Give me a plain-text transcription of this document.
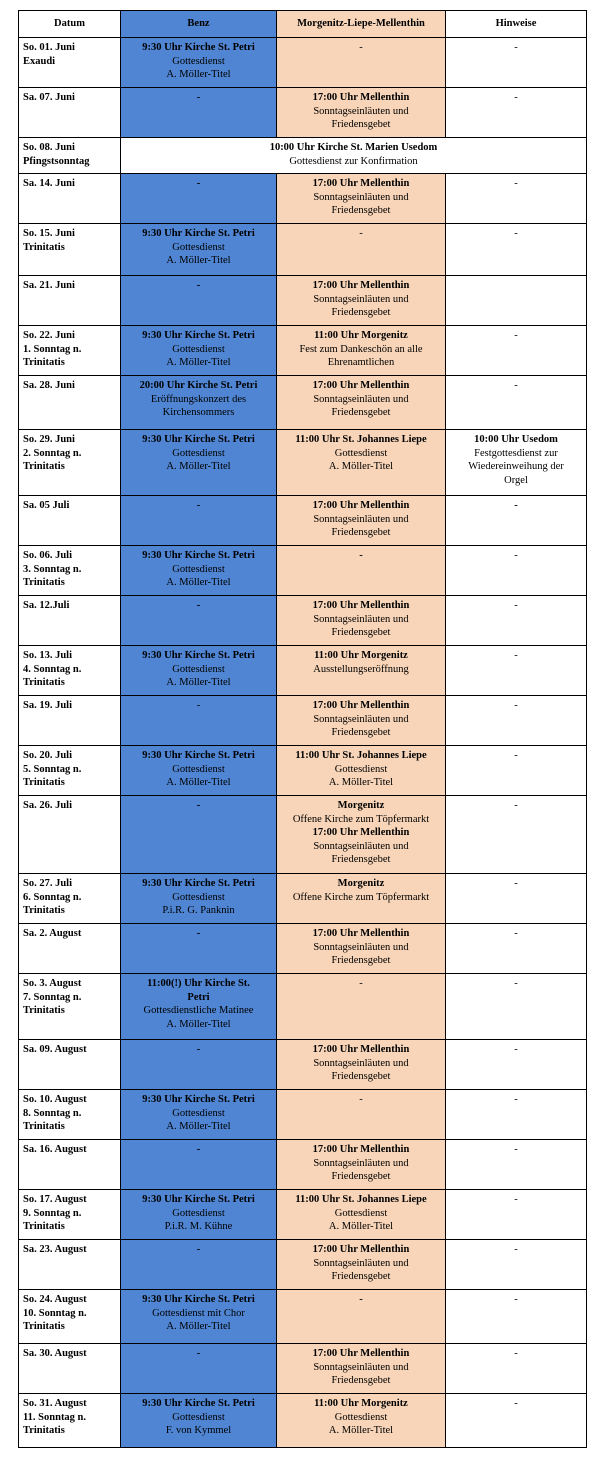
Datum	Benz	Morgenitz-Liepe-Mellenthin	Hinweise

So. 01. Juni
Exaudi	9:30 Uhr Kirche St. Petri
Gottesdienst
A. Möller-Titel	-	-

Sa. 07. Juni	-	17:00 Uhr Mellenthin
Sonntagseinläuten und
Friedensgebet	-

So. 08. Juni
Pfingstsonntag	10:00 Uhr Kirche St. Marien Usedom
Gottesdienst zur Konfirmation		

Sa. 14. Juni	-	17:00 Uhr Mellenthin
Sonntagseinläuten und
Friedensgebet	-

So. 15. Juni
Trinitatis	9:30 Uhr Kirche St. Petri
Gottesdienst
A. Möller-Titel	-	-

Sa. 21. Juni	-	17:00 Uhr Mellenthin
Sonntagseinläuten und
Friedensgebet	

So. 22. Juni
1. Sonntag n.
Trinitatis	9:30 Uhr Kirche St. Petri
Gottesdienst
A. Möller-Titel	11:00 Uhr Morgenitz
Fest zum Dankeschön an alle
Ehrenamtlichen	-

Sa. 28. Juni	20:00 Uhr Kirche St. Petri
Eröffnungskonzert des
Kirchensommers	17:00 Uhr Mellenthin
Sonntagseinläuten und
Friedensgebet	-

So. 29. Juni
2. Sonntag n.
Trinitatis	9:30 Uhr Kirche St. Petri
Gottesdienst
A. Möller-Titel	11:00 Uhr St. Johannes Liepe
Gottesdienst
A. Möller-Titel	10:00 Uhr Usedom
Festgottesdienst zur
Wiedereinweihung der
Orgel

Sa. 05 Juli	-	17:00 Uhr Mellenthin
Sonntagseinläuten und
Friedensgebet	-

So. 06. Juli
3. Sonntag n.
Trinitatis	9:30 Uhr Kirche St. Petri
Gottesdienst
A. Möller-Titel	-	-

Sa. 12.Juli	-	17:00 Uhr Mellenthin
Sonntagseinläuten und
Friedensgebet	-

So. 13. Juli
4. Sonntag n.
Trinitatis	9:30 Uhr Kirche St. Petri
Gottesdienst
A. Möller-Titel	11:00 Uhr Morgenitz
Ausstellungseröffnung	-

Sa. 19. Juli	-	17:00 Uhr Mellenthin
Sonntagseinläuten und
Friedensgebet	-

So. 20. Juli
5. Sonntag n.
Trinitatis	9:30 Uhr Kirche St. Petri
Gottesdienst
A. Möller-Titel	11:00 Uhr St. Johannes Liepe
Gottesdienst
A. Möller-Titel	-

Sa. 26. Juli	-	Morgenitz
Offene Kirche zum Töpfermarkt
17:00 Uhr Mellenthin
Sonntagseinläuten und
Friedensgebet	-

So. 27. Juli
6. Sonntag n.
Trinitatis	9:30 Uhr Kirche St. Petri
Gottesdienst
P.i.R. G. Panknin	Morgenitz
Offene Kirche zum Töpfermarkt	-

Sa. 2. August	-	17:00 Uhr Mellenthin
Sonntagseinläuten und
Friedensgebet	-

So. 3. August
7. Sonntag n.
Trinitatis	11:00(!) Uhr Kirche St.
Petri
Gottesdienstliche Matinee
A. Möller-Titel	-	-

Sa. 09. August	-	17:00 Uhr Mellenthin
Sonntagseinläuten und
Friedensgebet	-

So. 10. August
8. Sonntag n.
Trinitatis	9:30 Uhr Kirche St. Petri
Gottesdienst
A. Möller-Titel	-	-

Sa. 16. August	-	17:00 Uhr Mellenthin
Sonntagseinläuten und
Friedensgebet	-

So. 17. August
9. Sonntag n.
Trinitatis	9:30 Uhr Kirche St. Petri
Gottesdienst
P.i.R. M. Kühne	11:00 Uhr St. Johannes Liepe
Gottesdienst
A. Möller-Titel	-

Sa. 23. August	-	17:00 Uhr Mellenthin
Sonntagseinläuten und
Friedensgebet	-

So. 24. August
10. Sonntag n.
Trinitatis	9:30 Uhr Kirche St. Petri
Gottesdienst mit Chor
A. Möller-Titel	-	-

Sa. 30. August	-	17:00 Uhr Mellenthin
Sonntagseinläuten und
Friedensgebet	-

So. 31. August
11. Sonntag n.
Trinitatis	9:30 Uhr Kirche St. Petri
Gottesdienst
F. von Kymmel	11:00 Uhr Morgenitz
Gottesdienst
A. Möller-Titel	-
